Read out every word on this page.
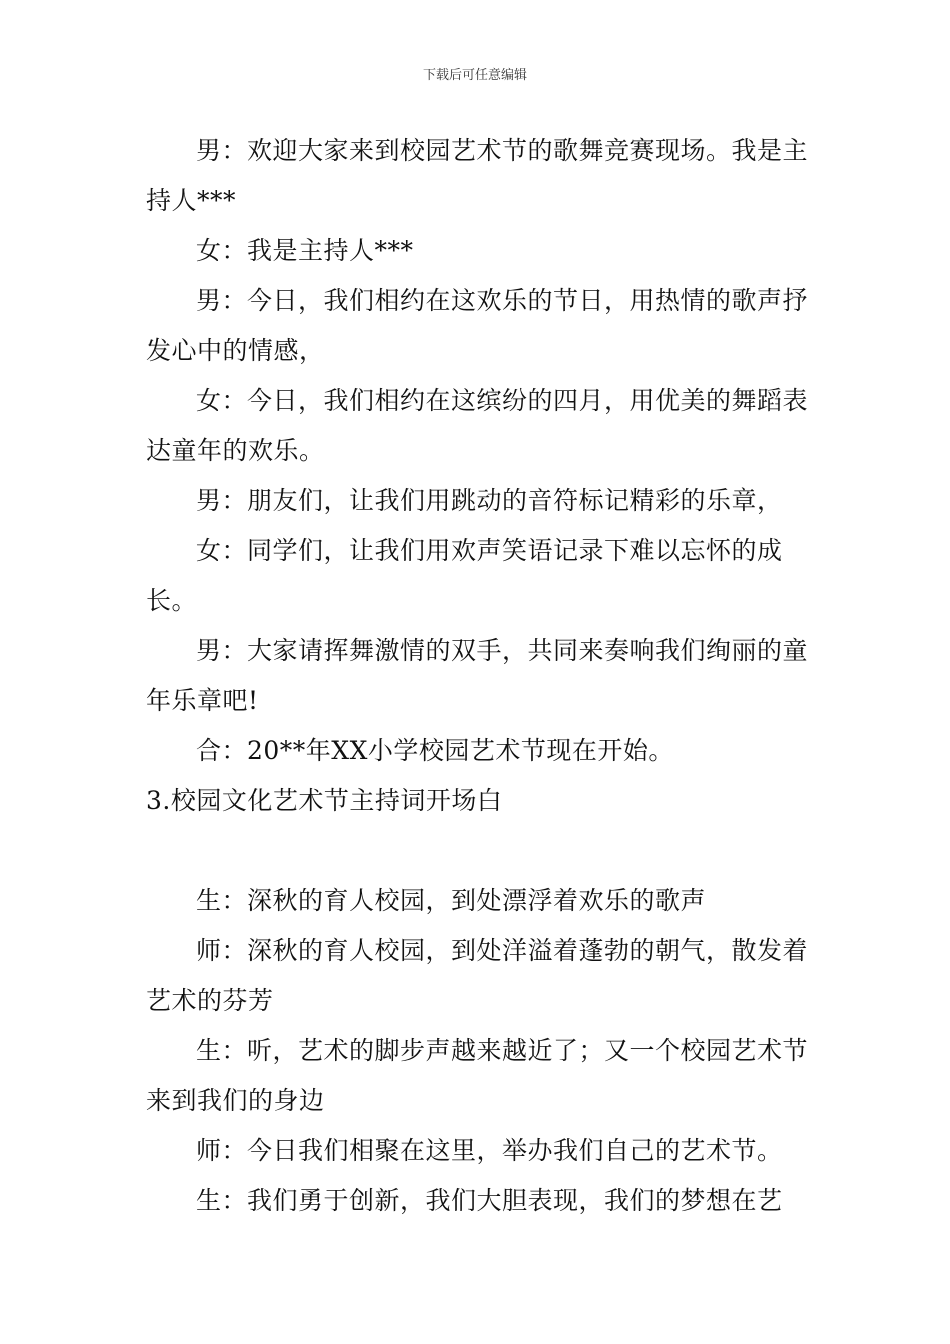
下载后可任意编辑

男：欢迎大家来到校园艺术节的歌舞竞赛现场。我是主持人***

女：我是主持人***

男：今日，我们相约在这欢乐的节日，用热情的歌声抒发心中的情感，

女：今日，我们相约在这缤纷的四月，用优美的舞蹈表达童年的欢乐。

男：朋友们，让我们用跳动的音符标记精彩的乐章，

女：同学们，让我们用欢声笑语记录下难以忘怀的成长。

男：大家请挥舞激情的双手，共同来奏响我们绚丽的童年乐章吧!

合：20**年XX小学校园艺术节现在开始。

3.校园文化艺术节主持词开场白

生：深秋的育人校园，到处漂浮着欢乐的歌声

师：深秋的育人校园，到处洋溢着蓬勃的朝气，散发着艺术的芬芳

生：听，艺术的脚步声越来越近了；又一个校园艺术节来到我们的身边

师：今日我们相聚在这里，举办我们自己的艺术节。

生：我们勇于创新，我们大胆表现，我们的梦想在艺
